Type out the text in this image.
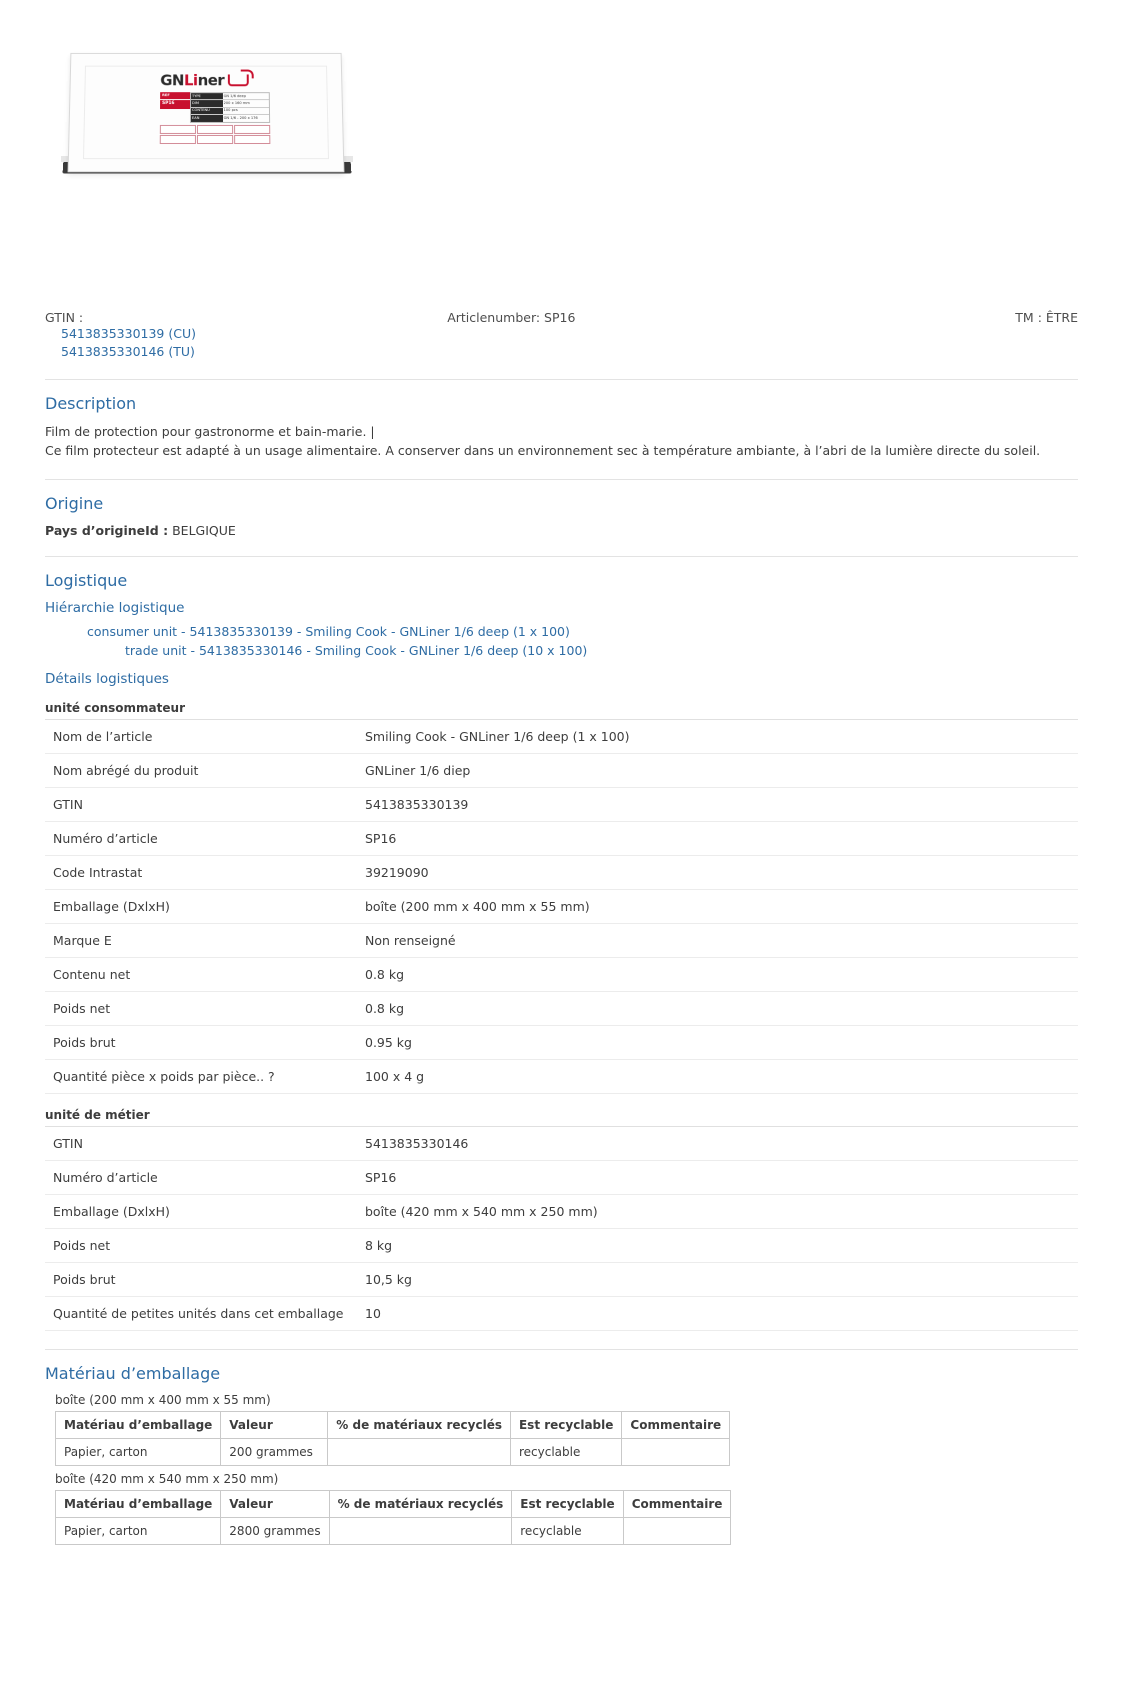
GN Li ner
REF
SP16
TYPE	GN 1/6 deep
DIM	200 x 160 mm
CONTENU	100 pcs
EAN	GN 1/6 - 200 x 176
GTIN :
5413835330139 (CU)
5413835330146 (TU)
Articlenumber: SP16	TM : ÊTRE
Description

Film de protection pour gastronorme et bain-marie. |

Ce film protecteur est adapté à un usage alimentaire. A conserver dans un environnement sec à température ambiante, à l’abri de la lumière directe du soleil.

Origine
Pays d’origineId : BELGIQUE
Logistique
Hiérarchie logistique
consumer unit - 5413835330139 - Smiling Cook - GNLiner 1/6 deep (1 x 100)
trade unit - 5413835330146 - Smiling Cook - GNLiner 1/6 deep (10 x 100)
Détails logistiques
unité consommateur
Nom de l’article	Smiling Cook - GNLiner 1/6 deep (1 x 100)
Nom abrégé du produit	GNLiner 1/6 diep
GTIN	5413835330139
Numéro d’article	SP16
Code Intrastat	39219090
Emballage (DxlxH)	boîte (200 mm x 400 mm x 55 mm)
Marque E	Non renseigné
Contenu net	0.8 kg
Poids net	0.8 kg
Poids brut	0.95 kg
Quantité pièce x poids par pièce.. ?	100 x 4 g
unité de métier
GTIN	5413835330146
Numéro d’article	SP16
Emballage (DxlxH)	boîte (420 mm x 540 mm x 250 mm)
Poids net	8 kg
Poids brut	10,5 kg
Quantité de petites unités dans cet emballage	10
Matériau d’emballage
boîte (200 mm x 400 mm x 55 mm)
Matériau d’emballage	Valeur	% de matériaux recyclés	Est recyclable	Commentaire
Papier, carton	200 grammes		recyclable	
boîte (420 mm x 540 mm x 250 mm)
Matériau d’emballage	Valeur	% de matériaux recyclés	Est recyclable	Commentaire
Papier, carton	2800 grammes		recyclable	
